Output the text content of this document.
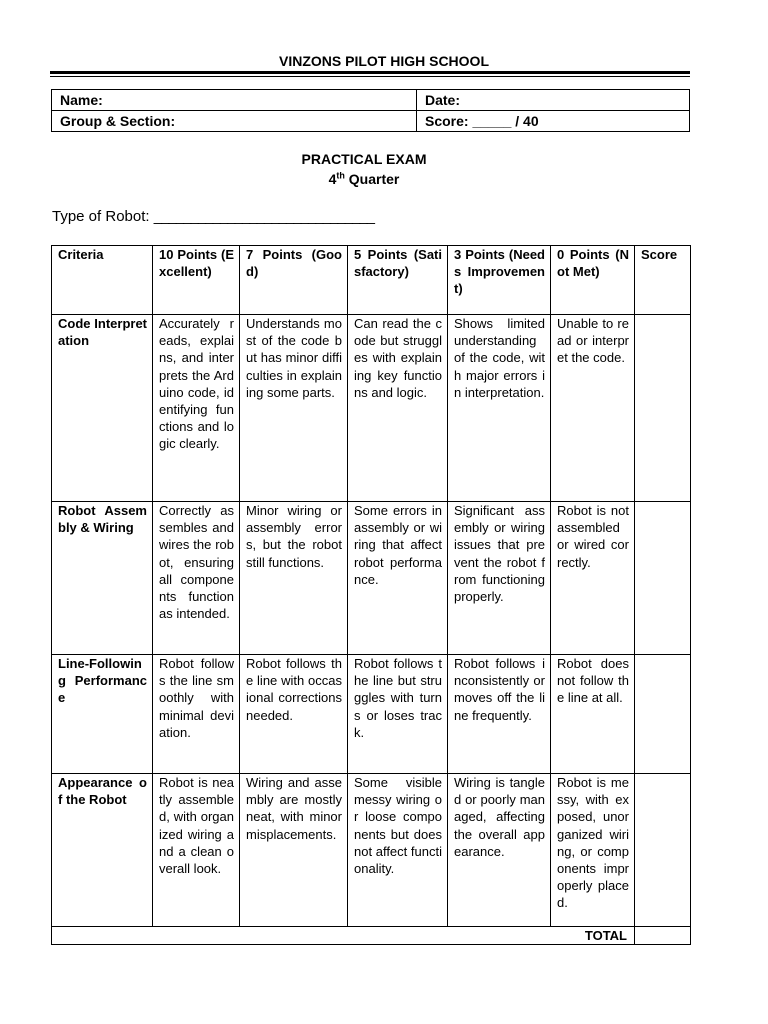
VINZONS PILOT HIGH SCHOOL
Name:	Date:
Group & Section:	Score: _____ / 40
PRACTICAL EXAM
4th Quarter
Type of Robot: ______________________________
Criteria	10 Points (Excellent)	7 Points (Good)	5 Points (Satisfactory)	3 Points (Needs Improvement)	0 Points (Not Met)	Score
Code Interpretation	Accurately reads, explains, and interprets the Arduino code, identifying functions and logic clearly.	Understands most of the code but has minor difficulties in explaining some parts.	Can read the code but struggles with explaining key functions and logic.	Shows limited understanding of the code, with major errors in interpretation.	Unable to read or interpret the code.	
Robot Assembly & Wiring	Correctly assembles and wires the robot, ensuring all components function as intended.	Minor wiring or assembly errors, but the robot still functions.	Some errors in assembly or wiring that affect robot performance.	Significant assembly or wiring issues that prevent the robot from functioning properly.	Robot is not assembled or wired correctly.	
Line-Following Performance	Robot follows the line smoothly with minimal deviation.	Robot follows the line with occasional corrections needed.	Robot follows the line but struggles with turns or loses track.	Robot follows inconsistently or moves off the line frequently.	Robot does not follow the line at all.	
Appearance of the Robot	Robot is neatly assembled, with organized wiring and a clean overall look.	Wiring and assembly are mostly neat, with minor misplacements.	Some visible messy wiring or loose components but does not affect functionality.	Wiring is tangled or poorly managed, affecting the overall appearance.	Robot is messy, with exposed, unorganized wiring, or components improperly placed.	
TOTAL						
